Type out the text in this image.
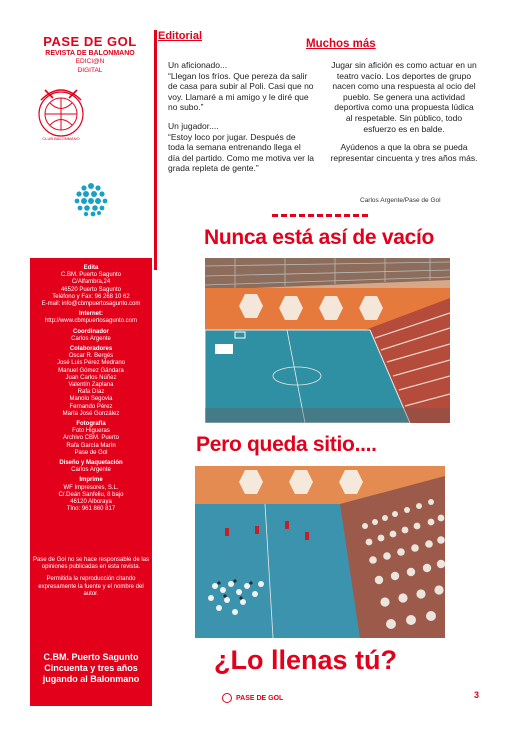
PASE DE GOL
REVISTA DE BALONMANO
EDICI@N
DIGITAL
CLUB BALONMANO
Edita
C.BM. Puerto Sagunto
C/Alfambra,24
46520 Puerto Sagunto
Teléfono y Fax: 96 268 10 62
E-mail: info@cbmpuertosagunto.com
Internet:
http://www.cbmpuertosagunto.com
Coordinador
Carlos Argente
Colaboradores
Oscar R. Bergés
José Luis Pérez Medrano
Manuel Gómez Gándara
Juan Carlos Núñez
Valentín Zaplana
Rafa Díaz
Manolo Segovia
Fernando Pérez
María José González
Fotografía
Foto Higueras
Archivo CBM. Puerto
Rafa García Marín
Pase de Gol
Diseño y Maquetación
Carlos Argente
Imprime
WF Impresores, S.L.
C/.Deán Sanfeliu, 8 bajo
46120 Alboraya
Tlno: 961 860 817
Pase de Gol no se hace responsable de las opiniones publicadas en esta revista.
Permitida la reproducción citando expresamente la fuente y el nombre del autor.
C.BM. Puerto Sagunto
Cincuenta y tres años
jugando al Balonmano
Temporada 2003-2004	N º 6
Editorial
Muchos más

Un aficionado...

“Llegan los fríos. Que pereza da salir de casa para subir al Poli. Casi que no voy. Llamaré a mi amigo y le diré que no subo.”

Un jugador....

“Estoy loco por jugar. Después de toda la semana entrenando llega el día del partido. Como me motiva ver la grada repleta de gente.”

Jugar sin afición es como actuar en un teatro vacío. Los deportes de grupo nacen como una respuesta al ocio del pueblo. Se genera una actividad deportiva como una propuesta lúdica al respetable. Sin público, todo esfuerzo es en balde.

Ayúdenos a que la obra se pueda representar cincuenta y tres años más.

Carlos Argente/Pase de Gol
Nunca está así de vacío
Pero queda sitio....
¿Lo llenas tú?
PASE DE GOL	3
